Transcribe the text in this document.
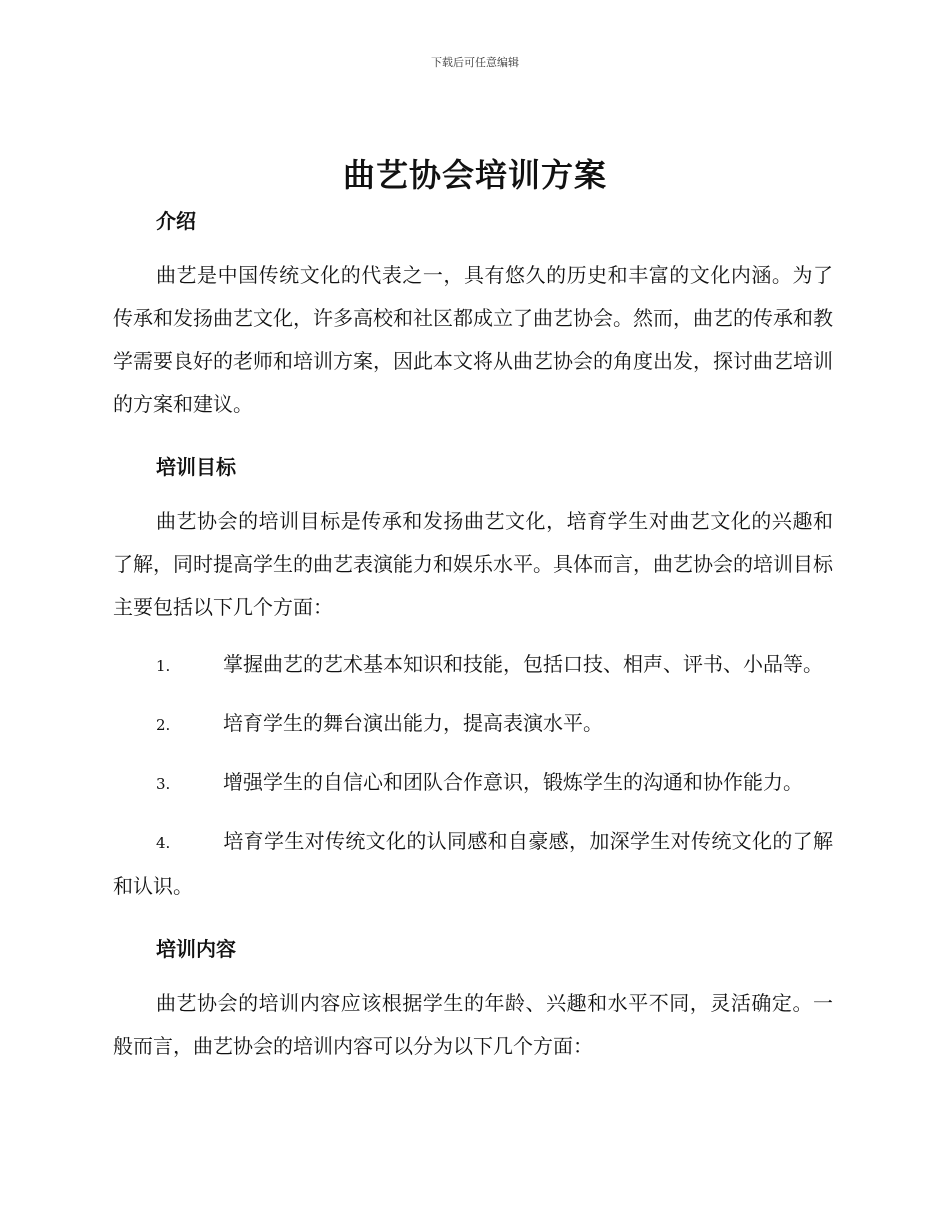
下载后可任意编辑
曲艺协会培训方案
介绍

曲艺是中国传统文化的代表之一，具有悠久的历史和丰富的文化内涵。为了传承和发扬曲艺文化，许多高校和社区都成立了曲艺协会。然而，曲艺的传承和教学需要良好的老师和培训方案，因此本文将从曲艺协会的角度出发，探讨曲艺培训的方案和建议。

培训目标

曲艺协会的培训目标是传承和发扬曲艺文化，培育学生对曲艺文化的兴趣和了解，同时提高学生的曲艺表演能力和娱乐水平。具体而言，曲艺协会的培训目标主要包括以下几个方面：

1.	掌握曲艺的艺术基本知识和技能，包括口技、相声、评书、小品等。

2.	培育学生的舞台演出能力，提高表演水平。

3.	增强学生的自信心和团队合作意识，锻炼学生的沟通和协作能力。

4.	培育学生对传统文化的认同感和自豪感，加深学生对传统文化的了解和认识。

培训内容

曲艺协会的培训内容应该根据学生的年龄、兴趣和水平不同，灵活确定。一般而言，曲艺协会的培训内容可以分为以下几个方面：
